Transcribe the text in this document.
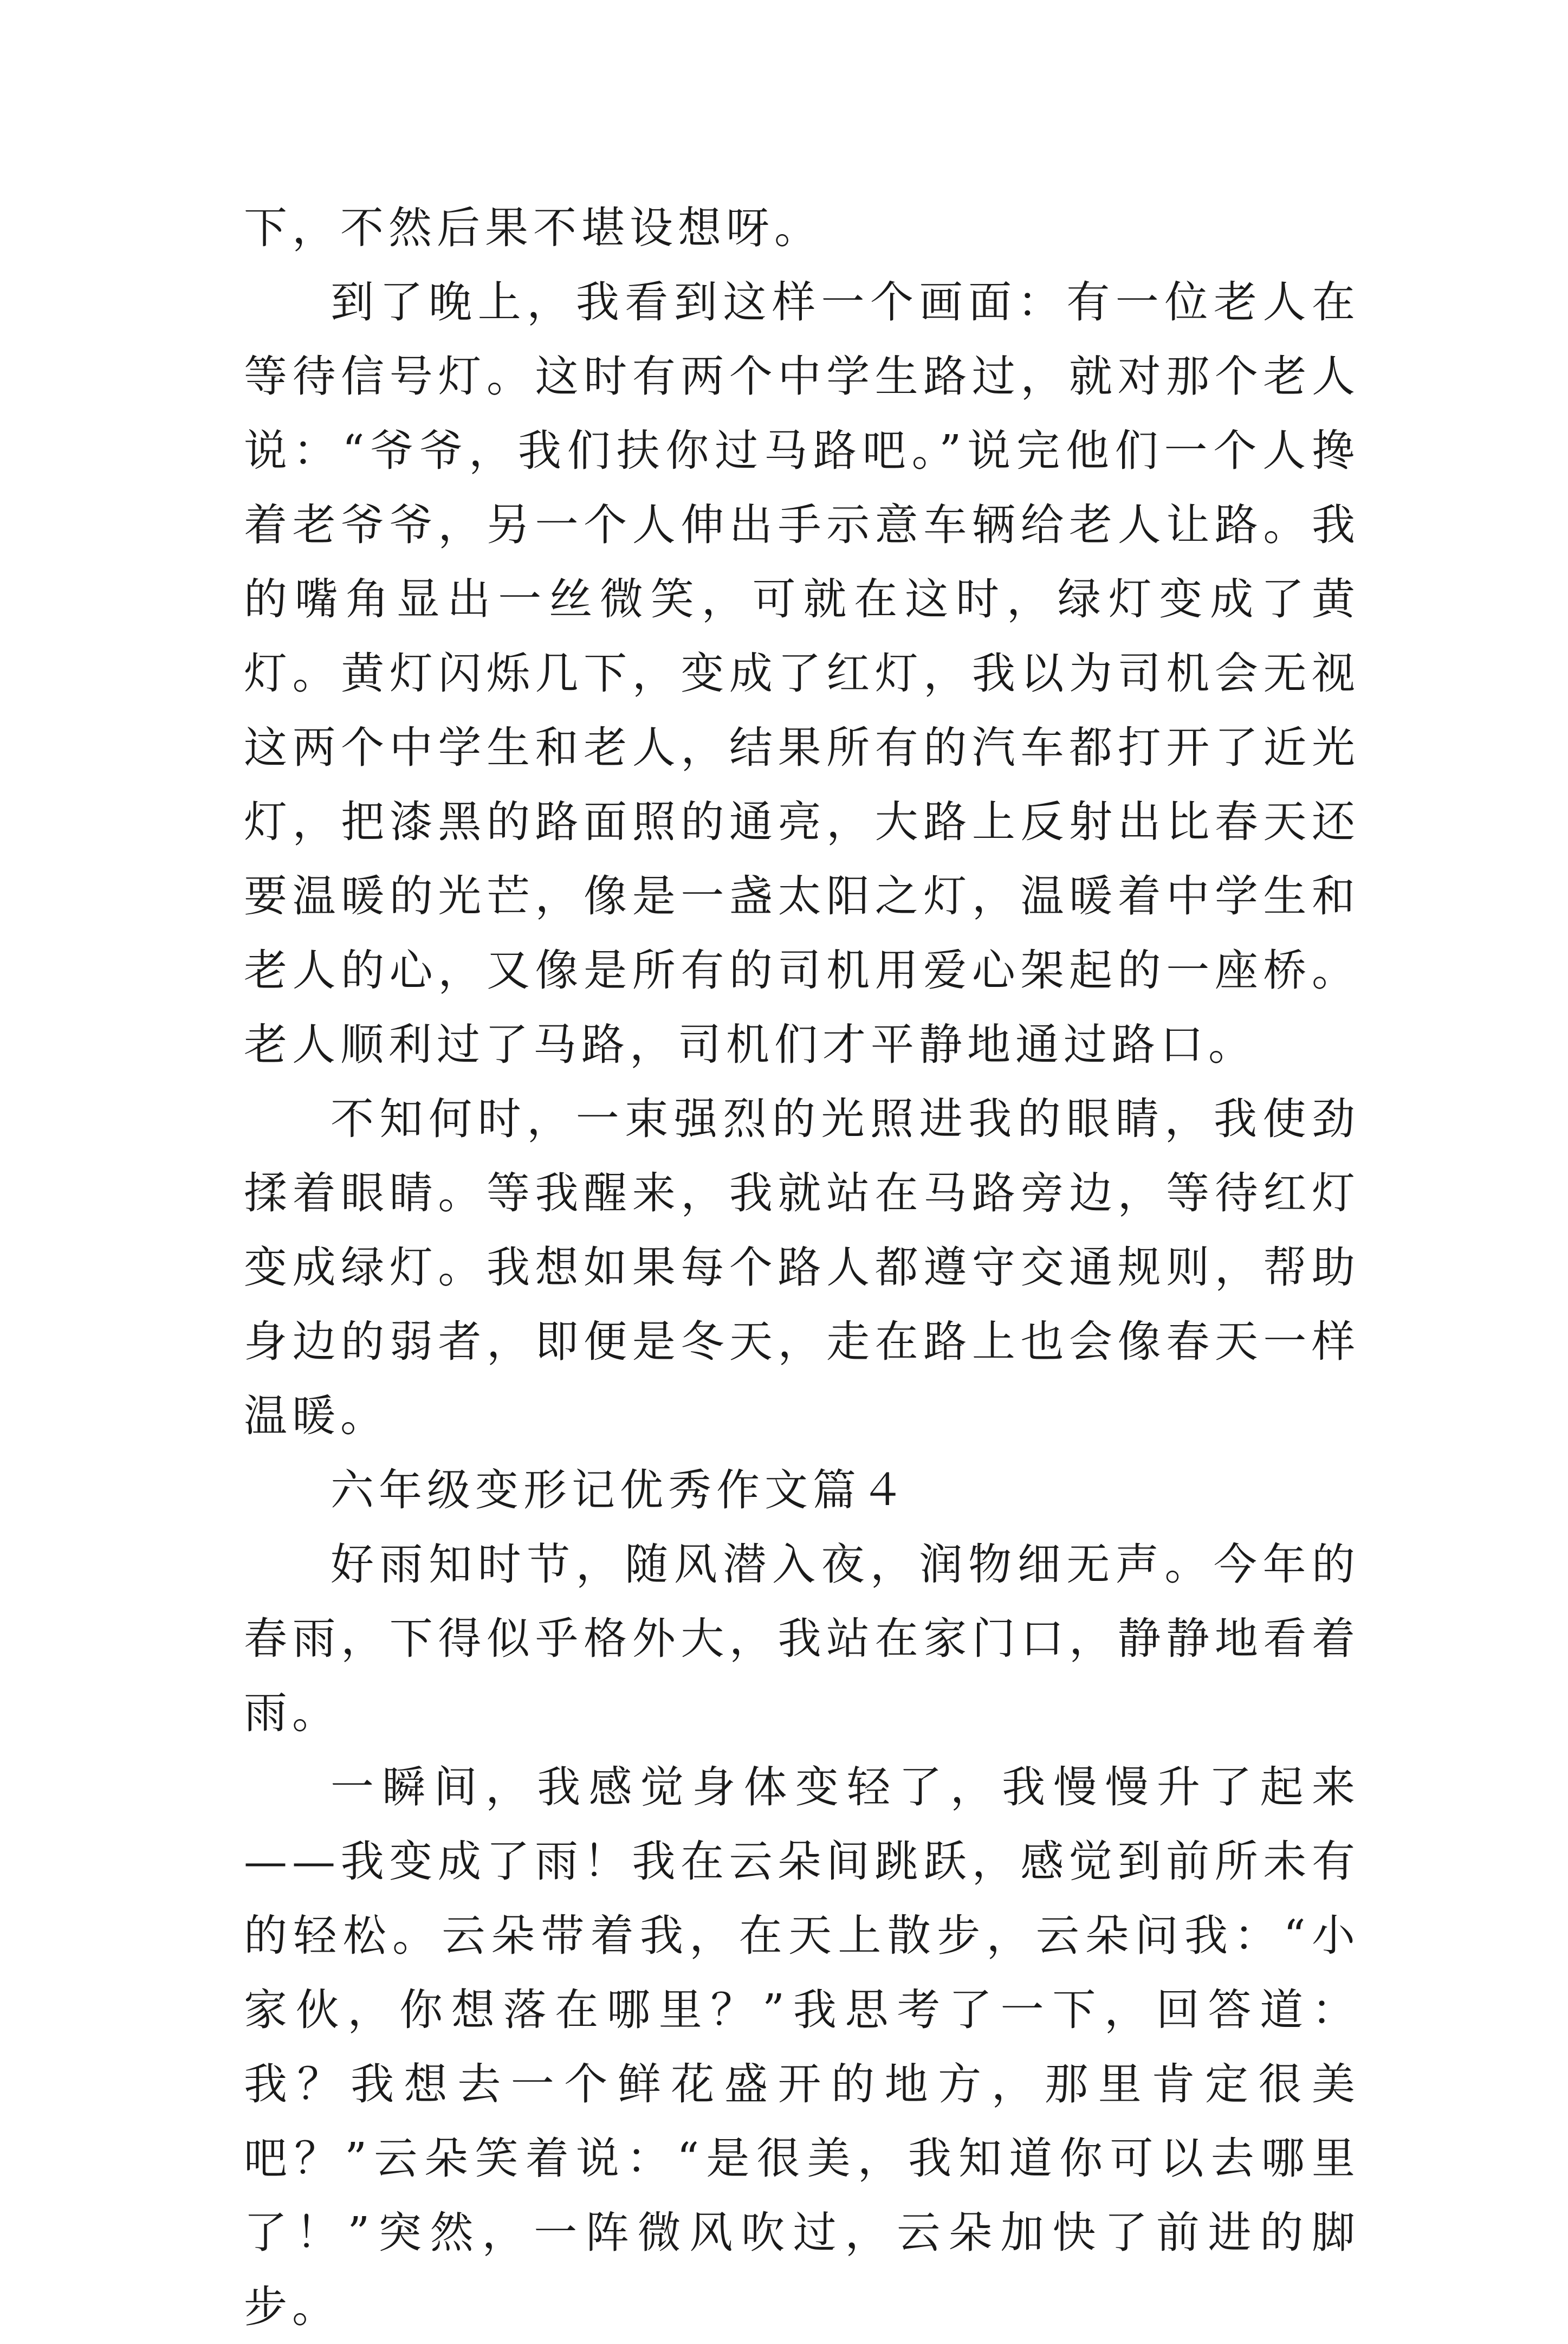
下，不然后果不堪设想呀。

到了晚上，我看到这样一个画面：有一位老人在等待信号灯。这时有两个中学生路过，就对那个老人说：“爷爷，我们扶你过马路吧。”说完他们一个人搀着老爷爷，另一个人伸出手示意车辆给老人让路。我的嘴角显出一丝微笑，可就在这时，绿灯变成了黄灯。黄灯闪烁几下，变成了红灯，我以为司机会无视这两个中学生和老人，结果所有的汽车都打开了近光灯，把漆黑的路面照的通亮，大路上反射出比春天还要温暖的光芒，像是一盏太阳之灯，温暖着中学生和老人的心，又像是所有的司机用爱心架起的一座桥。老人顺利过了马路，司机们才平静地通过路口。

不知何时，一束强烈的光照进我的眼睛，我使劲揉着眼睛。等我醒来，我就站在马路旁边，等待红灯变成绿灯。我想如果每个路人都遵守交通规则，帮助身边的弱者，即便是冬天，走在路上也会像春天一样温暖。

六年级变形记优秀作文篇４

好雨知时节，随风潜入夜，润物细无声。今年的春雨，下得似乎格外大，我站在家门口，静静地看着雨。

一瞬间，我感觉身体变轻了，我慢慢升了起来——我变成了雨！我在云朵间跳跃，感觉到前所未有的轻松。云朵带着我，在天上散步，云朵问我：“小家伙，你想落在哪里？”我思考了一下，回答道：我？我想去一个鲜花盛开的地方，那里肯定很美吧？”云朵笑着说：“是很美，我知道你可以去哪里了！”突然，一阵微风吹过，云朵加快了前进的脚步。
